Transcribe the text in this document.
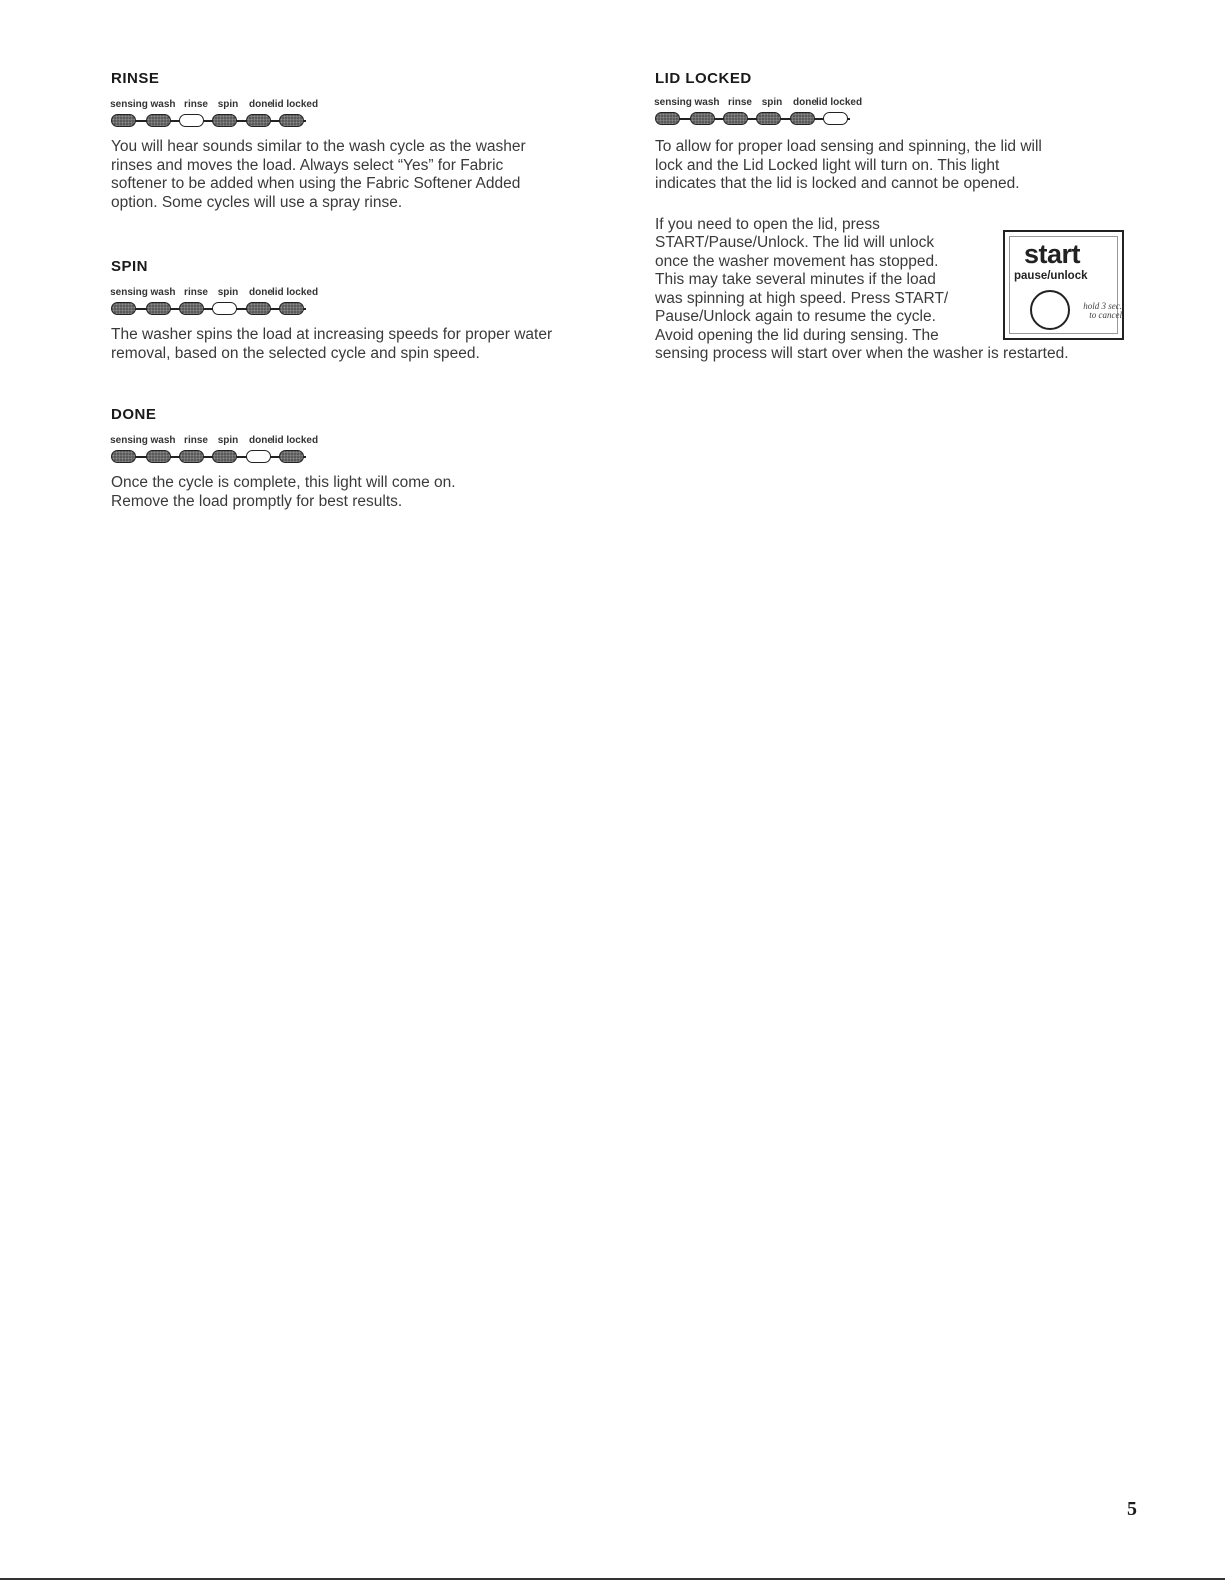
RINSE
sensing wash rinse spin done
lid locked

You will hear sounds similar to the wash cycle as the washer

rinses and moves the load. Always select “Yes” for Fabric

softener to be added when using the Fabric Softener Added

option. Some cycles will use a spray rinse.

SPIN
sensing wash rinse spin done
lid locked

The washer spins the load at increasing speeds for proper water

removal, based on the selected cycle and spin speed.

DONE
sensing wash rinse spin done
lid locked

Once the cycle is complete, this light will come on.

Remove the load promptly for best results.

LID LOCKED
sensing wash rinse spin done
lid locked

To allow for proper load sensing and spinning, the lid will

lock and the Lid Locked light will turn on. This light

indicates that the lid is locked and cannot be opened.

If you need to open the lid, press

START/Pause/Unlock. The lid will unlock

once the washer movement has stopped.

This may take several minutes if the load

was spinning at high speed. Press START/

Pause/Unlock again to resume the cycle.

Avoid opening the lid during sensing. The

sensing process will start over when the washer is restarted.

start
pause/unlock
hold 3 sec.
to cancel
5
